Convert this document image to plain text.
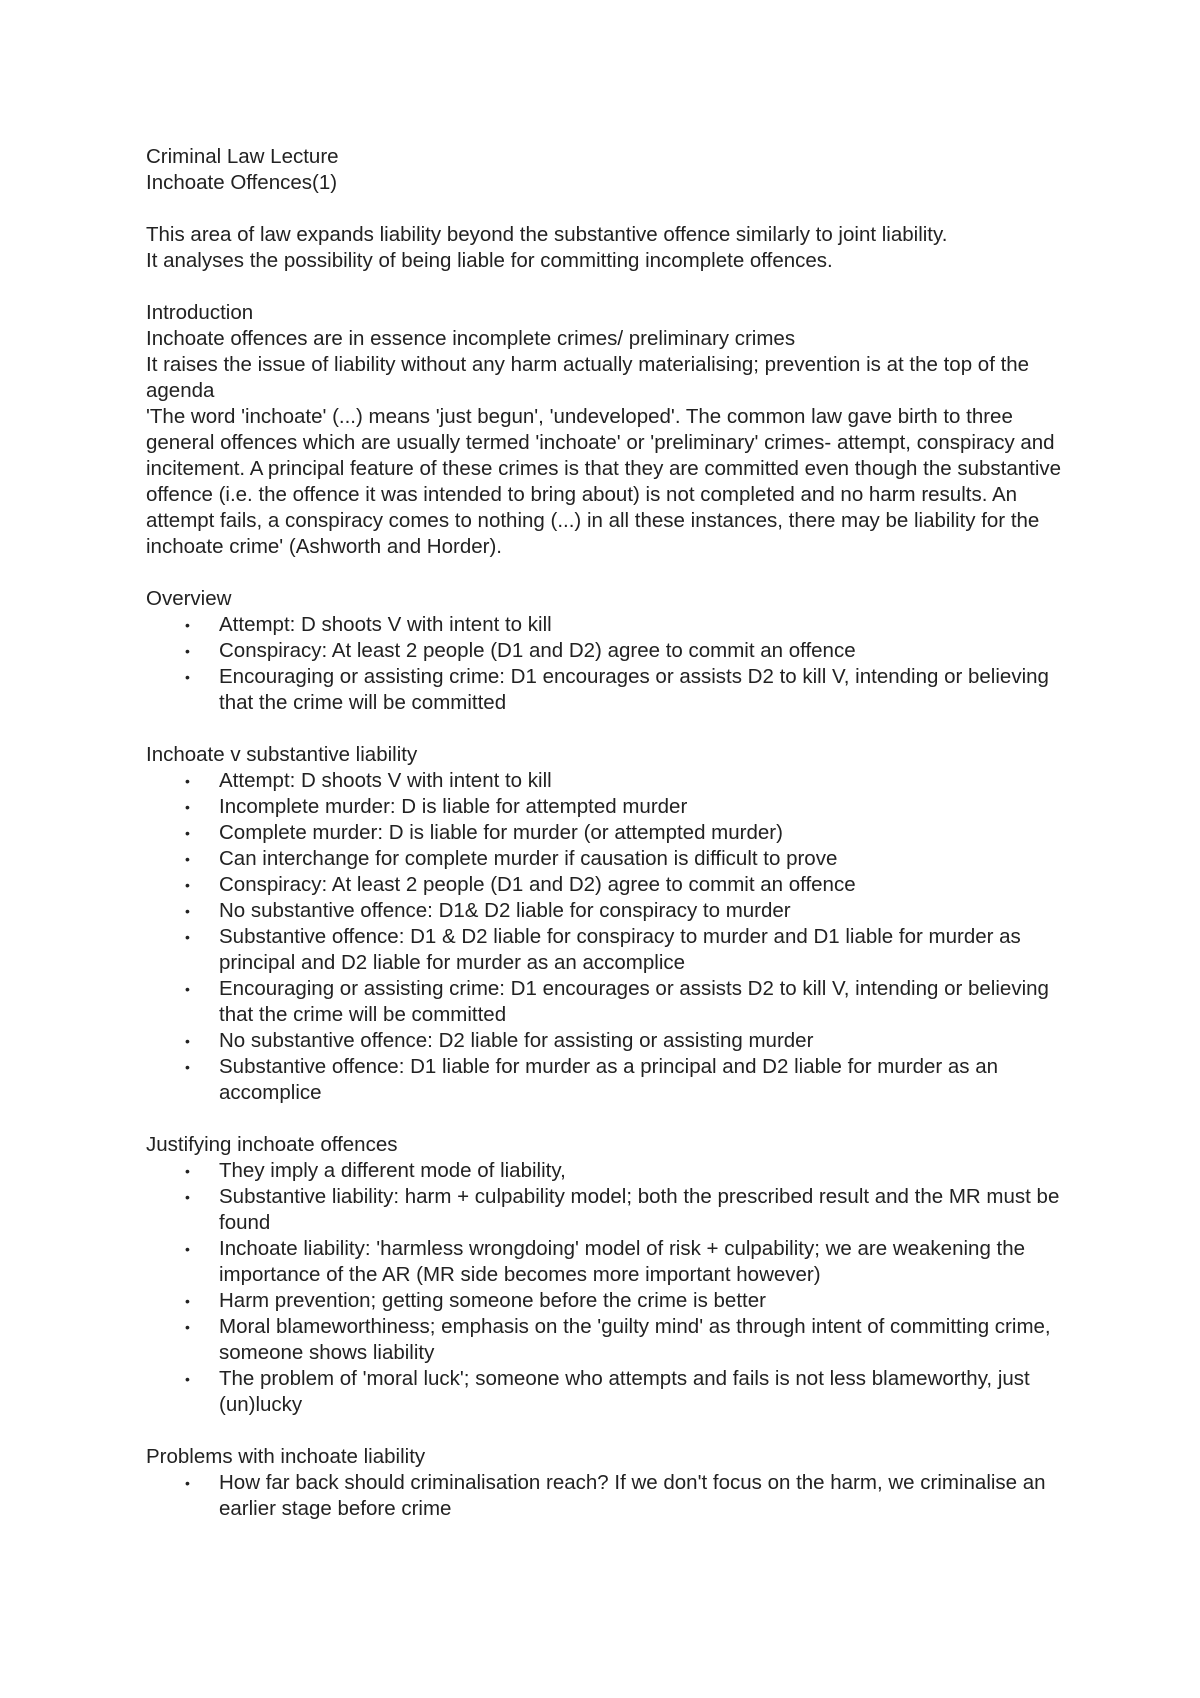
Criminal Law Lecture

Inchoate Offences(1)

This area of law expands liability beyond the substantive offence similarly to joint liability.

It analyses the possibility of being liable for committing incomplete offences.

Introduction

Inchoate offences are in essence incomplete crimes/ preliminary crimes

It raises the issue of liability without any harm actually materialising; prevention is at the top of the agenda

'The word 'inchoate' (...) means 'just begun', 'undeveloped'. The common law gave birth to three general offences which are usually termed 'inchoate' or 'preliminary' crimes- attempt, conspiracy and incitement. A principal feature of these crimes is that they are committed even though the substantive offence (i.e. the offence it was intended to bring about) is not completed and no harm results. An attempt fails, a conspiracy comes to nothing (...) in all these instances, there may be liability for the inchoate crime' (Ashworth and Horder).

Overview

• Attempt: D shoots V with intent to kill
• Conspiracy: At least 2 people (D1 and D2) agree to commit an offence
• Encouraging or assisting crime: D1 encourages or assists D2 to kill V, intending or believing that the crime will be committed

Inchoate v substantive liability

• Attempt: D shoots V with intent to kill
• Incomplete murder: D is liable for attempted murder
• Complete murder: D is liable for murder (or attempted murder)
• Can interchange for complete murder if causation is difficult to prove
• Conspiracy: At least 2 people (D1 and D2) agree to commit an offence
• No substantive offence: D1& D2 liable for conspiracy to murder
• Substantive offence: D1 & D2 liable for conspiracy to murder and D1 liable for murder as principal and D2 liable for murder as an accomplice
• Encouraging or assisting crime: D1 encourages or assists D2 to kill V, intending or believing that the crime will be committed
• No substantive offence: D2 liable for assisting or assisting murder
• Substantive offence: D1 liable for murder as a principal and D2 liable for murder as an accomplice

Justifying inchoate offences

• They imply a different mode of liability,
• Substantive liability: harm + culpability model; both the prescribed result and the MR must be found
• Inchoate liability: 'harmless wrongdoing' model of risk + culpability; we are weakening the importance of the AR (MR side becomes more important however)
• Harm prevention; getting someone before the crime is better
• Moral blameworthiness; emphasis on the 'guilty mind' as through intent of committing crime, someone shows liability
• The problem of 'moral luck'; someone who attempts and fails is not less blameworthy, just (un)lucky

Problems with inchoate liability

• How far back should criminalisation reach? If we don't focus on the harm, we criminalise an earlier stage before crime
